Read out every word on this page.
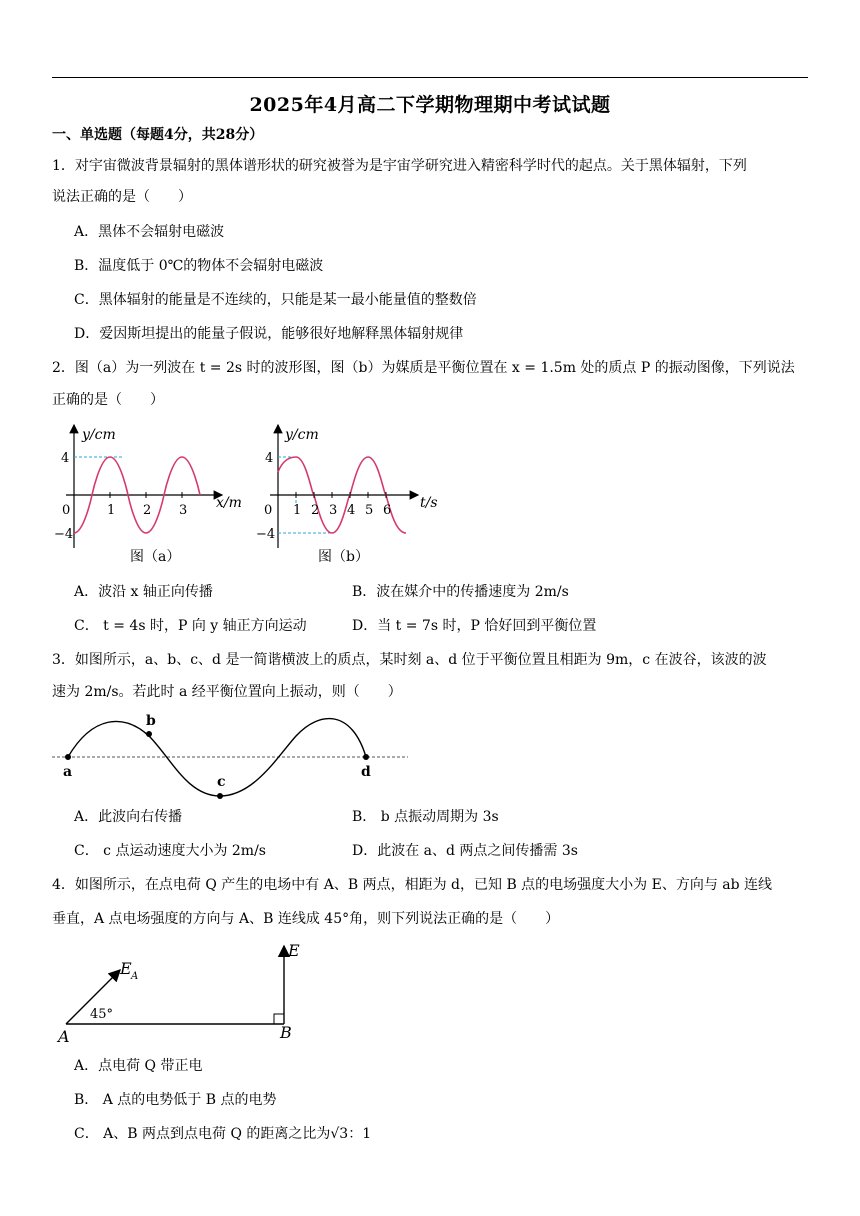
2025年4月高二下学期物理期中考试试题
一、单选题（每题4分，共28分）
1．对宇宙微波背景辐射的黑体谱形状的研究被誉为是宇宙学研究进入精密科学时代的起点。关于黑体辐射，下列
说法正确的是（　　）
A．黑体不会辐射电磁波
B．温度低于 0℃的物体不会辐射电磁波
C．黑体辐射的能量是不连续的，只能是某一最小能量值的整数倍
D．爱因斯坦提出的能量子假说，能够很好地解释黑体辐射规律
2．图（a）为一列波在 t = 2s 时的波形图，图（b）为媒质是平衡位置在 x = 1.5m 处的质点 P 的振动图像，下列说法
正确的是（　　）
y/cm
4
−4
0	1 2 3 x/m
图（a）
y/cm
4
−4
0 1 2 3 4 5 6 t/s
图（b）
A．波沿 x 轴正向传播	B．波在媒介中的传播速度为 2m/s
C． t = 4s 时，P 向 y 轴正方向运动	D．当 t = 7s 时，P 恰好回到平衡位置
3．如图所示，a、b、c、d 是一简谐横波上的质点，某时刻 a、d 位于平衡位置且相距为 9m，c 在波谷，该波的波
速为 2m/s。若此时 a 经平衡位置向上振动，则（　　）
a
b
c
d
A．此波向右传播	B． b 点振动周期为 3s
C． c 点运动速度大小为 2m/s	D．此波在 a、d 两点之间传播需 3s
4．如图所示，在点电荷 Q 产生的电场中有 A、B 两点，相距为 d，已知 B 点的电场强度大小为 E、方向与 ab 连线
垂直，A 点电场强度的方向与 A、B 连线成 45°角，则下列说法正确的是（　　）
E A
E
45°
A	B
A．点电荷 Q 带正电
B． A 点的电势低于 B 点的电势
C． A、B 两点到点电荷 Q 的距离之比为√3：1
